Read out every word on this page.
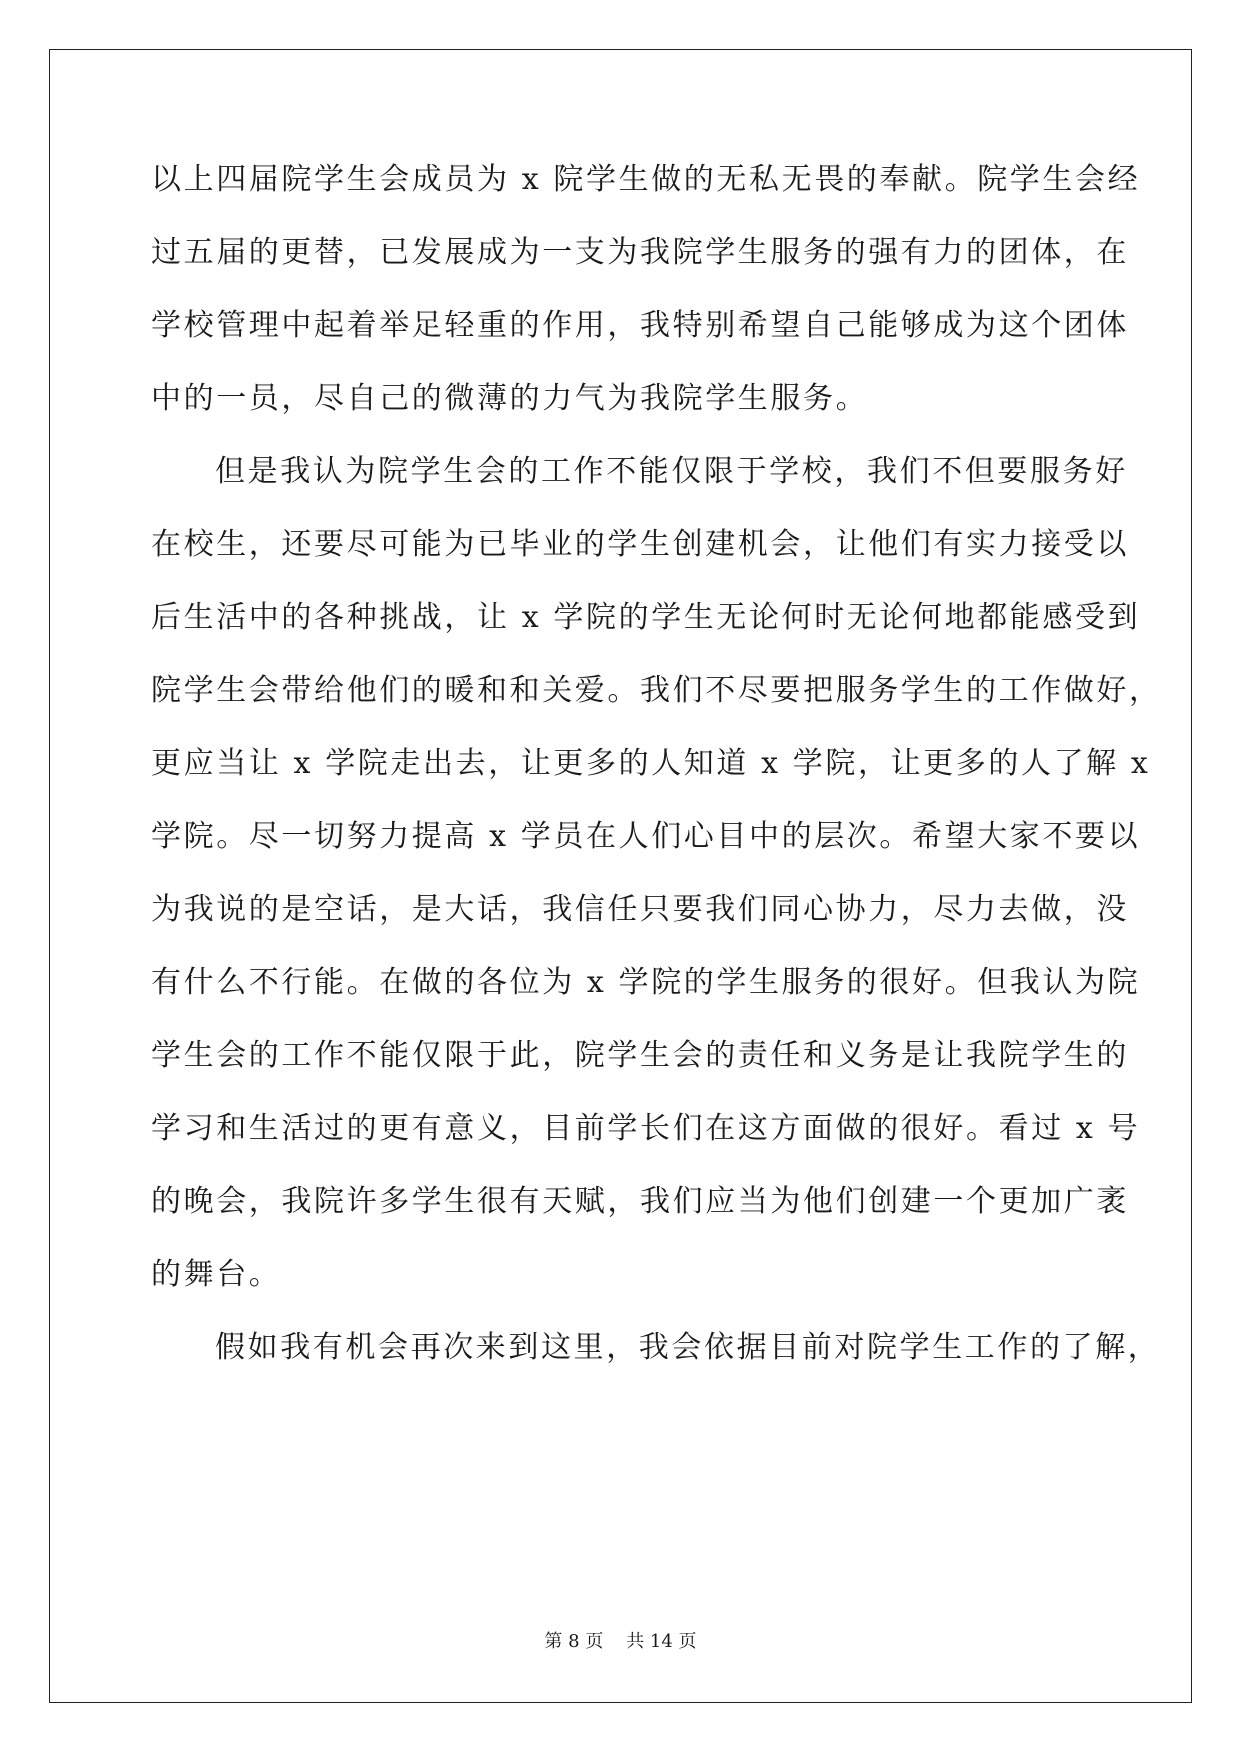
以上四届院学生会成员为 x 院学生做的无私无畏的奉献。院学生会经
过五届的更替，已发展成为一支为我院学生服务的强有力的团体，在
学校管理中起着举足轻重的作用，我特别希望自己能够成为这个团体
中的一员，尽自己的微薄的力气为我院学生服务。
但是我认为院学生会的工作不能仅限于学校，我们不但要服务好
在校生，还要尽可能为已毕业的学生创建机会，让他们有实力接受以
后生活中的各种挑战，让 x 学院的学生无论何时无论何地都能感受到
院学生会带给他们的暖和和关爱。我们不尽要把服务学生的工作做好，
更应当让 x 学院走出去，让更多的人知道 x 学院，让更多的人了解 x
学院。尽一切努力提高 x 学员在人们心目中的层次。希望大家不要以
为我说的是空话，是大话，我信任只要我们同心协力，尽力去做，没
有什么不行能。在做的各位为 x 学院的学生服务的很好。但我认为院
学生会的工作不能仅限于此，院学生会的责任和义务是让我院学生的
学习和生活过的更有意义，目前学长们在这方面做的很好。看过 x 号
的晚会，我院许多学生很有天赋，我们应当为他们创建一个更加广袤
的舞台。
假如我有机会再次来到这里，我会依据目前对院学生工作的了解，
第 8 页    共 14 页
